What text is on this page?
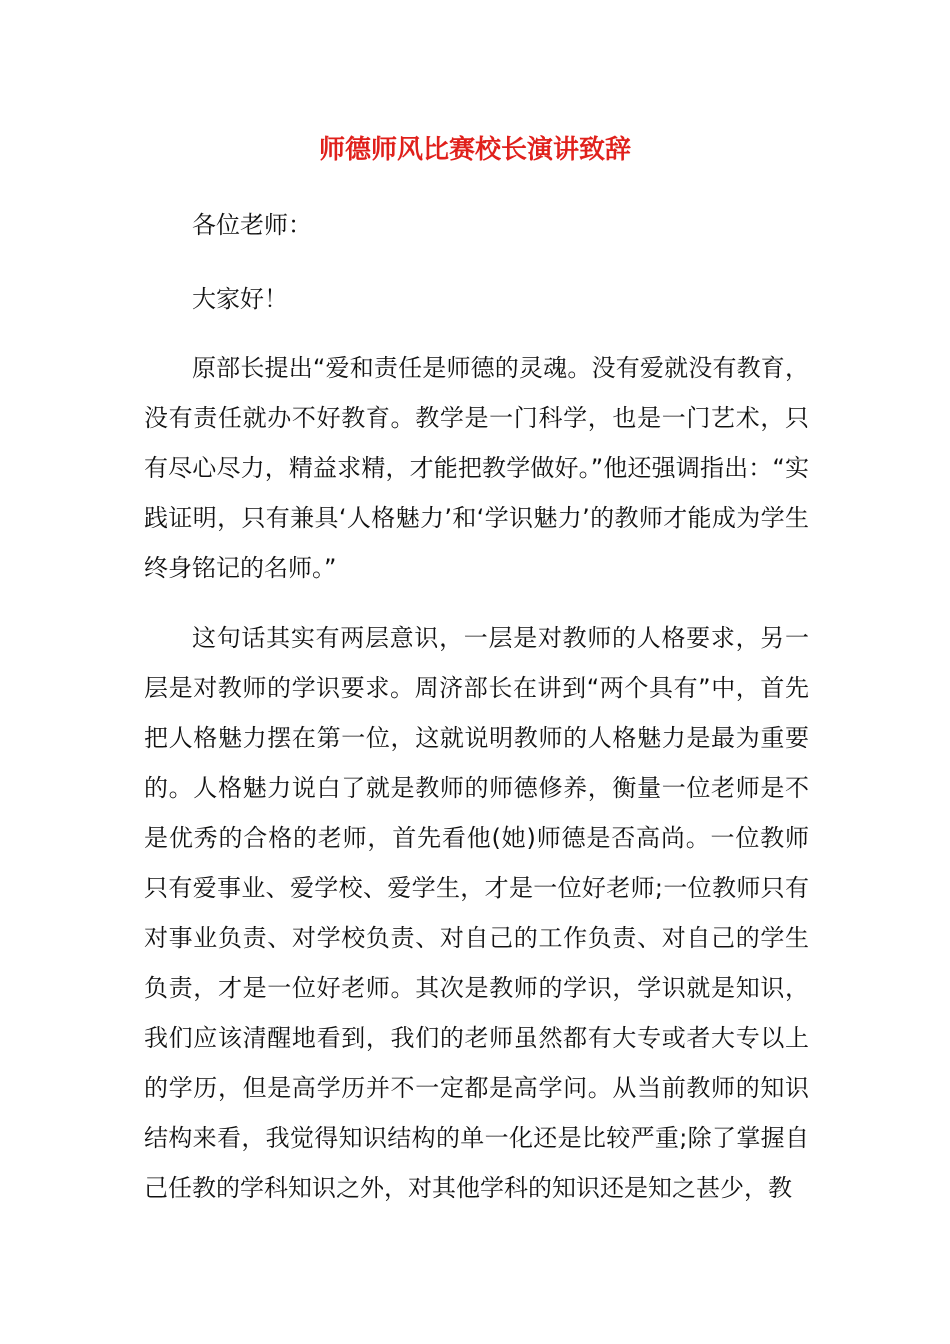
师德师风比赛校长演讲致辞
各位老师：
大家好！
原部长提出“爱和责任是师德的灵魂。没有爱就没有教育，没有责任就办不好教育。教学是一门科学，也是一门艺术，只有尽心尽力，精益求精，才能把教学做好。”他还强调指出：“实践证明，只有兼具‘人格魅力’和‘学识魅力’的教师才能成为学生终身铭记的名师。”
这句话其实有两层意识，一层是对教师的人格要求，另一层是对教师的学识要求。周济部长在讲到“两个具有”中，首先把人格魅力摆在第一位，这就说明教师的人格魅力是最为重要的。人格魅力说白了就是教师的师德修养，衡量一位老师是不是优秀的合格的老师，首先看他(她)师德是否高尚。一位教师只有爱事业、爱学校、爱学生，才是一位好老师;一位教师只有对事业负责、对学校负责、对自己的工作负责、对自己的学生负责，才是一位好老师。其次是教师的学识，学识就是知识，我们应该清醒地看到，我们的老师虽然都有大专或者大专以上的学历，但是高学历并不一定都是高学问。从当前教师的知识结构来看，我觉得知识结构的单一化还是比较严重;除了掌握自己任教的学科知识之外，对其他学科的知识还是知之甚少，教
